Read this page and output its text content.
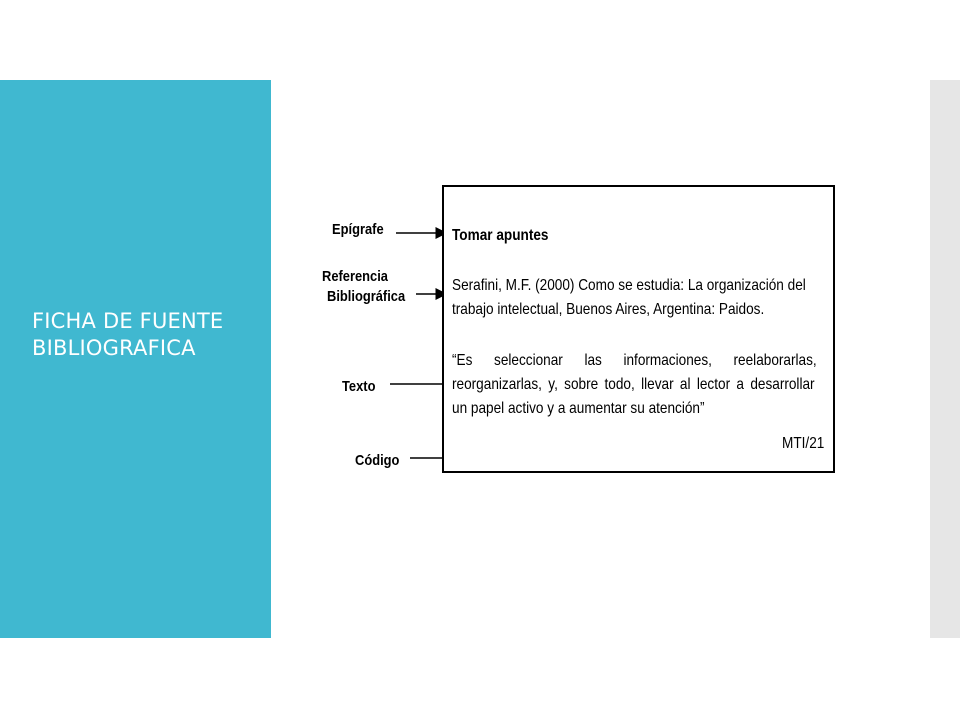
FICHA DE FUENTE BIBLIOGRAFICA
Epígrafe
Referencia
Bibliográfica
Texto
Código
Tomar apuntes
Serafini, M.F. (2000) Como se estudia: La organización del
trabajo intelectual, Buenos Aires, Argentina: Paidos.
“Es seleccionar las informaciones, reelaborarlas,
reorganizarlas, y, sobre todo, llevar al lector a desarrollar
un papel activo y a aumentar su atención”
MTI/21
